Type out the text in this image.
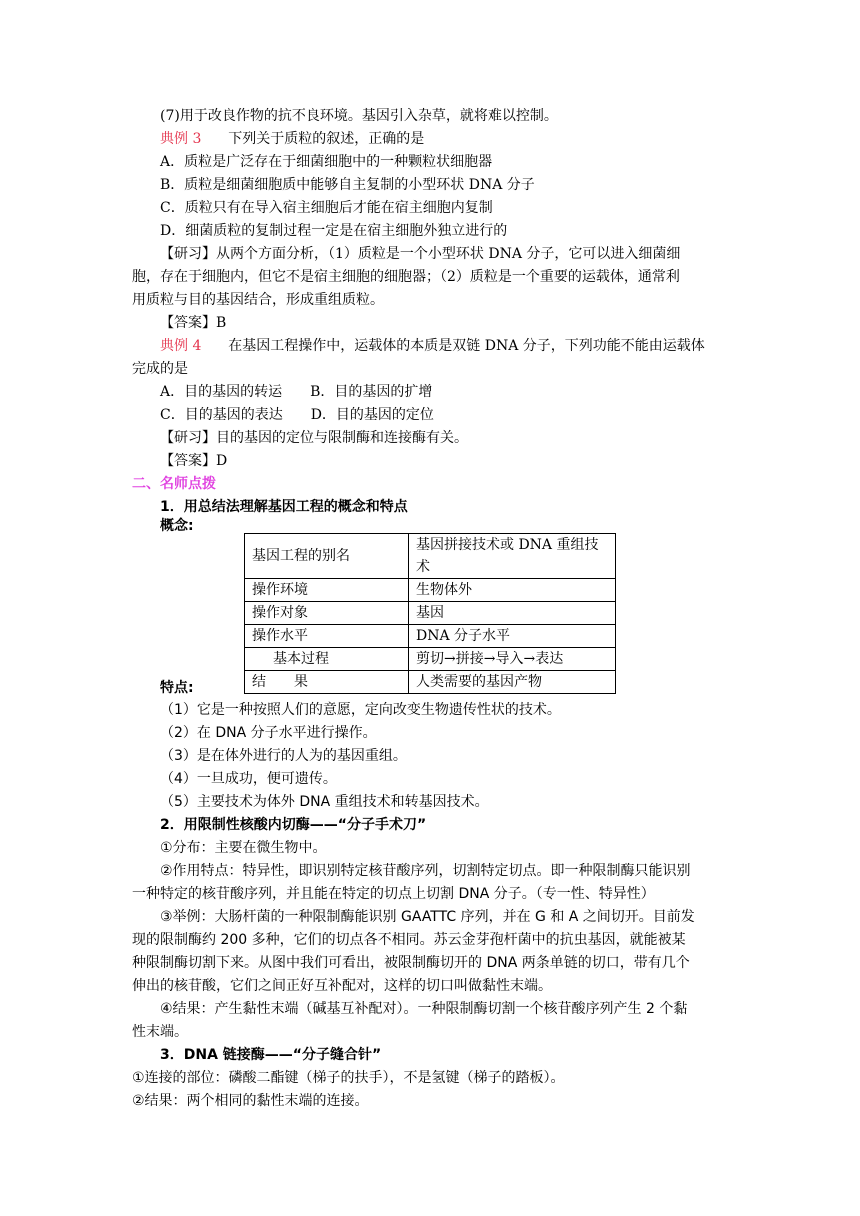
(7)用于改良作物的抗不良环境。基因引入杂草，就将难以控制。
典例 3 下列关于质粒的叙述，正确的是
A．质粒是广泛存在于细菌细胞中的一种颗粒状细胞器
B．质粒是细菌细胞质中能够自主复制的小型环状 DNA 分子
C．质粒只有在导入宿主细胞后才能在宿主细胞内复制
D．细菌质粒的复制过程一定是在宿主细胞外独立进行的
【研习】从两个方面分析，（1）质粒是一个小型环状 DNA 分子，它可以进入细菌细
胞，存在于细胞内，但它不是宿主细胞的细胞器；（2）质粒是一个重要的运载体，通常利
用质粒与目的基因结合，形成重组质粒。
【答案】B
典例 4 在基因工程操作中，运载体的本质是双链 DNA 分子，下列功能不能由运载体
完成的是
A．目的基因的转运　　B．目的基因的扩增
C．目的基因的表达　　D．目的基因的定位
【研习】目的基因的定位与限制酶和连接酶有关。
【答案】D
二、名师点拨
1．用总结法理解基因工程的概念和特点
概念:
基因工程的别名	基因拼接技术或 DNA 重组技术
操作环境	生物体外
操作对象	基因
操作水平	DNA 分子水平
基本过程	剪切→拼接→导入→表达
结　　果	人类需要的基因产物
特点:
（1）它是一种按照人们的意愿，定向改变生物遗传性状的技术。
（2）在 DNA 分子水平进行操作。
（3）是在体外进行的人为的基因重组。
（4）一旦成功，便可遗传。
（5）主要技术为体外 DNA 重组技术和转基因技术。
2．用限制性核酸内切酶——“分子手术刀”
①分布：主要在微生物中。
②作用特点：特异性，即识别特定核苷酸序列，切割特定切点。即一种限制酶只能识别
一种特定的核苷酸序列，并且能在特定的切点上切割 DNA 分子。（专一性、特异性）
③举例：大肠杆菌的一种限制酶能识别 GAATTC 序列，并在 G 和 A 之间切开。目前发
现的限制酶约 200 多种，它们的切点各不相同。苏云金芽孢杆菌中的抗虫基因，就能被某
种限制酶切割下来。从图中我们可看出，被限制酶切开的 DNA 两条单链的切口，带有几个
伸出的核苷酸，它们之间正好互补配对，这样的切口叫做黏性末端。
④结果：产生黏性末端（碱基互补配对）。一种限制酶切割一个核苷酸序列产生 2 个黏
性末端。
3．DNA 链接酶——“分子缝合针”
①连接的部位：磷酸二酯键（梯子的扶手），不是氢键（梯子的踏板）。
②结果：两个相同的黏性末端的连接。
